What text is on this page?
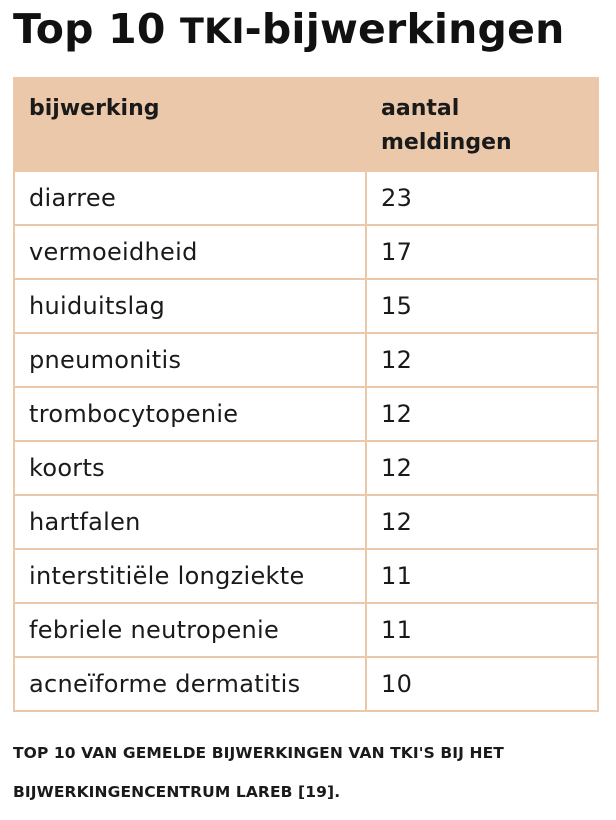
Top 10 TKI-bijwerkingen
bijwerking	aantal
meldingen

diarree	23
vermoeidheid	17
huiduitslag	15
pneumonitis	12
trombocytopenie	12
koorts	12
hartfalen	12
interstitiële longziekte	11
febriele neutropenie	11
acneïforme dermatitis	10

TOP 10 VAN GEMELDE BIJWERKINGEN VAN TKI'S BIJ HET
BIJWERKINGENCENTRUM LAREB [19].
